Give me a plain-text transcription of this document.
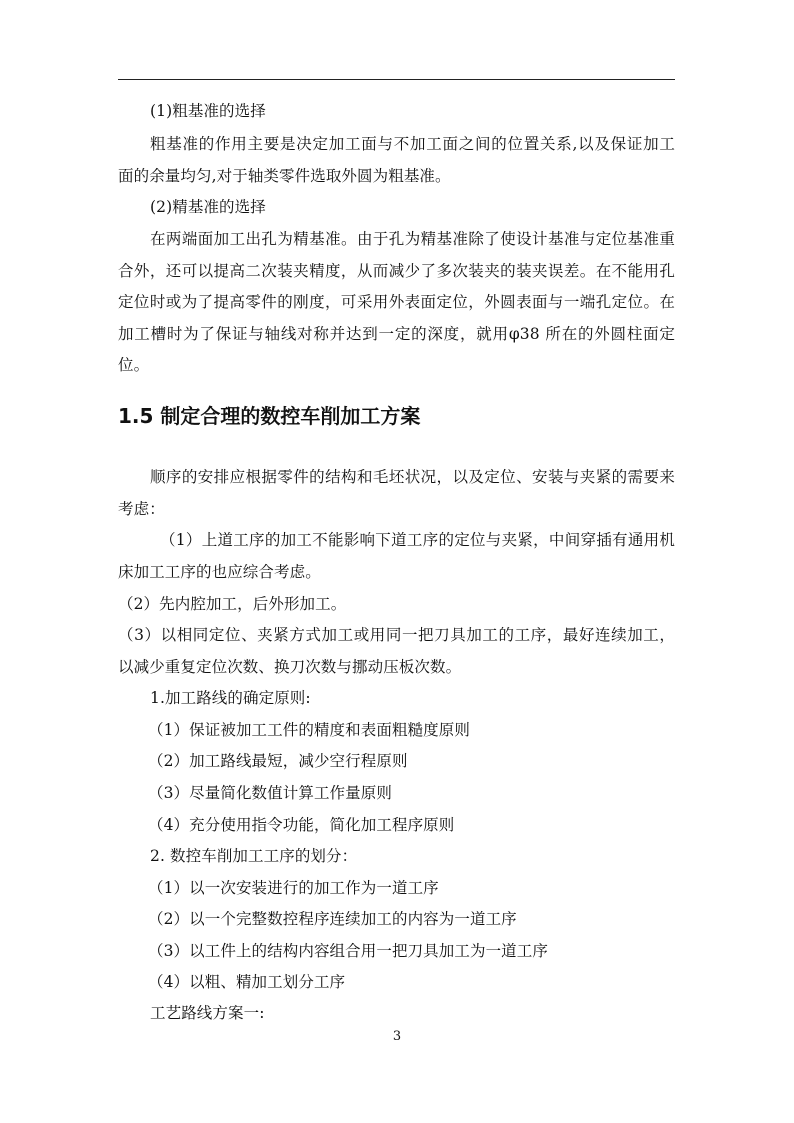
(1)粗基准的选择
粗基准的作用主要是决定加工面与不加工面之间的位置关系,以及保证加工
面的余量均匀,对于轴类零件选取外圆为粗基准。
(2)精基准的选择
在两端面加工出孔为精基准。由于孔为精基准除了使设计基准与定位基准重
合外，还可以提高二次装夹精度，从而减少了多次装夹的装夹误差。在不能用孔
定位时或为了提高零件的刚度，可采用外表面定位，外圆表面与一端孔定位。在
加工槽时为了保证与轴线对称并达到一定的深度，就用φ38 所在的外圆柱面定
位。
1.5 制定合理的数控车削加工方案
顺序的安排应根据零件的结构和毛坯状况，以及定位、安装与夹紧的需要来
考虑：
（1）上道工序的加工不能影响下道工序的定位与夹紧，中间穿插有通用机
床加工工序的也应综合考虑。
（2）先内腔加工，后外形加工。
（3）以相同定位、夹紧方式加工或用同一把刀具加工的工序，最好连续加工，
以减少重复定位次数、换刀次数与挪动压板次数。
1.加工路线的确定原则:
（1）保证被加工工件的精度和表面粗糙度原则
（2）加工路线最短，减少空行程原则
（3）尽量简化数值计算工作量原则
（4）充分使用指令功能，简化加工程序原则
2. 数控车削加工工序的划分：
（1）以一次安装进行的加工作为一道工序
（2）以一个完整数控程序连续加工的内容为一道工序
（3）以工件上的结构内容组合用一把刀具加工为一道工序
（4）以粗、精加工划分工序
工艺路线方案一:
3
